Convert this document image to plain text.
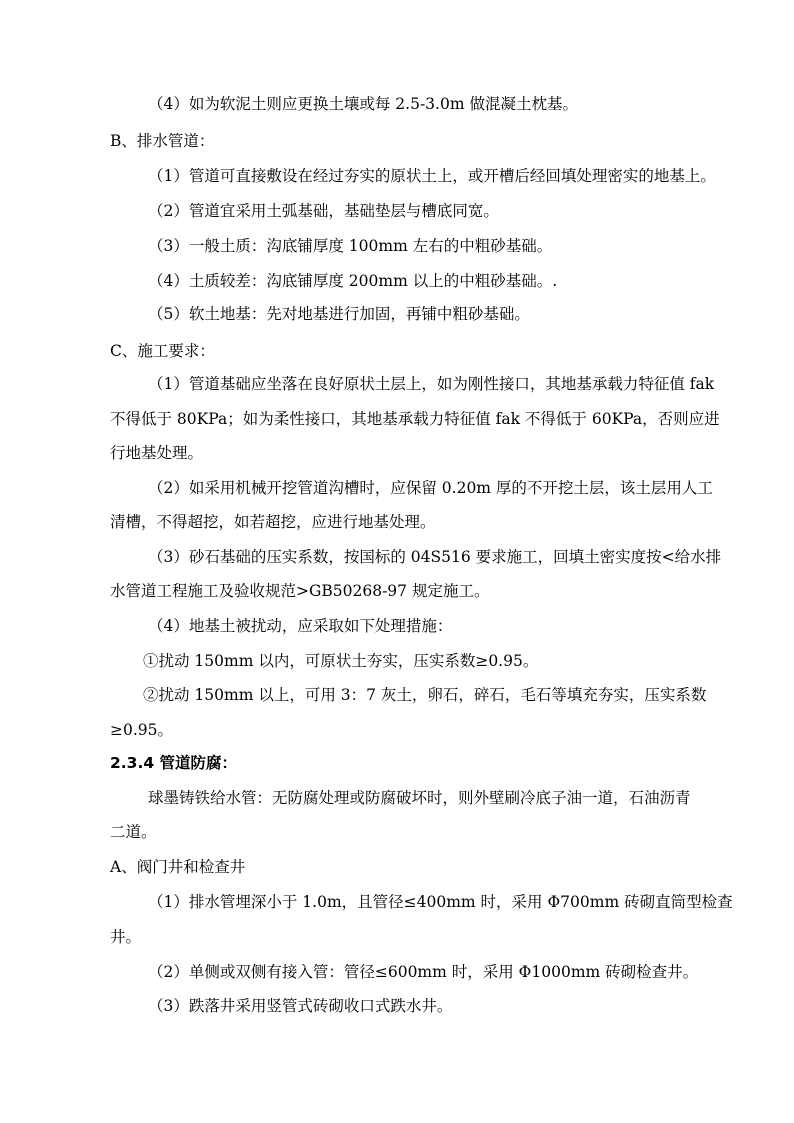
（4）如为软泥土则应更换土壤或每 2.5-3.0m 做混凝土枕基。
B、排水管道：
（1）管道可直接敷设在经过夯实的原状土上，或开槽后经回填处理密实的地基上。
（2）管道宜采用土弧基础，基础垫层与槽底同宽。
（3）一般土质：沟底铺厚度 100mm 左右的中粗砂基础。
（4）土质较差：沟底铺厚度 200mm 以上的中粗砂基础。.
（5）软土地基：先对地基进行加固，再铺中粗砂基础。
C、施工要求：
（1）管道基础应坐落在良好原状土层上，如为刚性接口，其地基承载力特征值 fak
不得低于 80KPa；如为柔性接口，其地基承载力特征值 fak 不得低于 60KPa，否则应进
行地基处理。
（2）如采用机械开挖管道沟槽时，应保留 0.20m 厚的不开挖土层，该土层用人工
清槽，不得超挖，如若超挖，应进行地基处理。
（3）砂石基础的压实系数，按国标的 04S516 要求施工，回填土密实度按<给水排
水管道工程施工及验收规范>GB50268-97 规定施工。
（4）地基土被扰动，应采取如下处理措施：
①扰动 150mm 以内，可原状土夯实，压实系数≥0.95。
②扰动 150mm 以上，可用 3：7 灰土，卵石，碎石，毛石等填充夯实，压实系数
≥0.95。
2.3.4 管道防腐：
球墨铸铁给水管：无防腐处理或防腐破坏时，则外壁刷冷底子油一道，石油沥青
二道。
A、阀门井和检查井
（1）排水管埋深小于 1.0m，且管径≤400mm 时，采用 Φ700mm 砖砌直筒型检查
井。
（2）单侧或双侧有接入管：管径≤600mm 时，采用 Φ1000mm 砖砌检查井。
（3）跌落井采用竖管式砖砌收口式跌水井。
